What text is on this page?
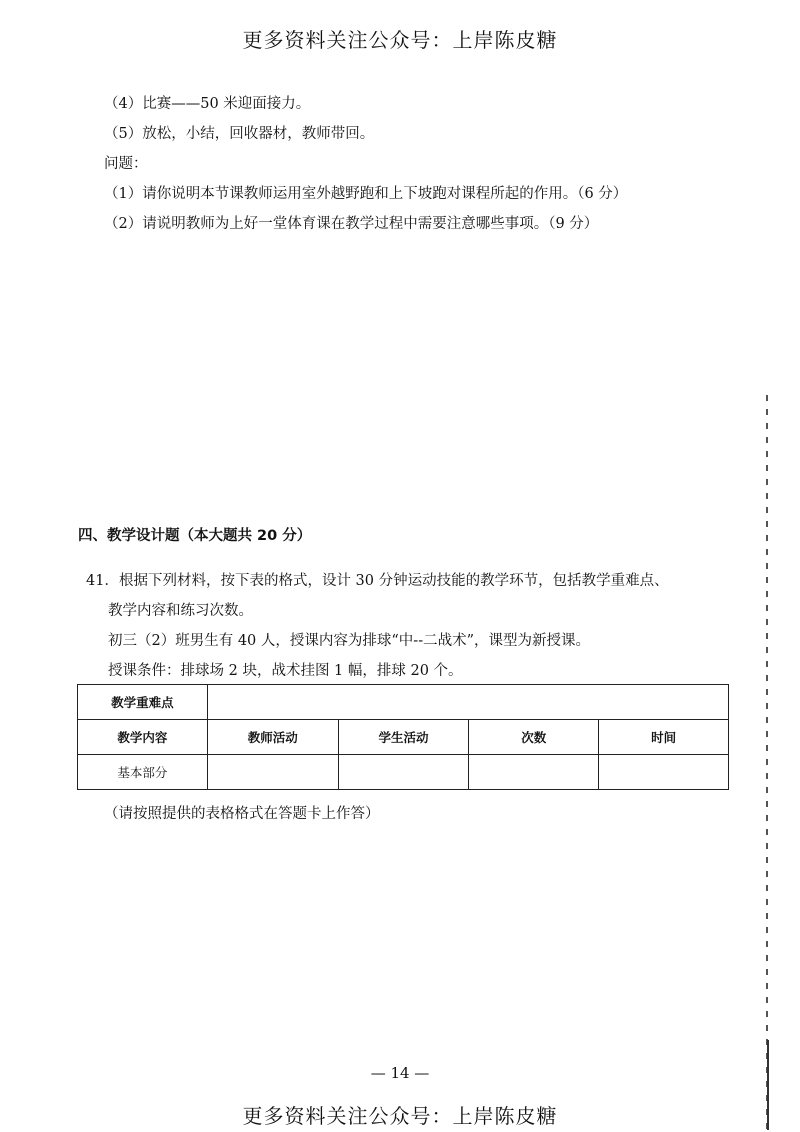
更多资料关注公众号：上岸陈皮糖
（4）比赛——50 米迎面接力。
（5）放松，小结，回收器材，教师带回。
问题：
（1）请你说明本节课教师运用室外越野跑和上下坡跑对课程所起的作用。（6 分）
（2）请说明教师为上好一堂体育课在教学过程中需要注意哪些事项。（9 分）
四、教学设计题（本大题共 20 分）
41．根据下列材料，按下表的格式，设计 30 分钟运动技能的教学环节，包括教学重难点、
教学内容和练习次数。
初三（2）班男生有 40 人，授课内容为排球“中--二战术”，课型为新授课。
授课条件：排球场 2 块，战术挂图 1 幅，排球 20 个。
教学重难点				
教学内容	教师活动	学生活动	次数	时间
基本部分				
（请按照提供的表格格式在答题卡上作答）
— 14 —
更多资料关注公众号：上岸陈皮糖
